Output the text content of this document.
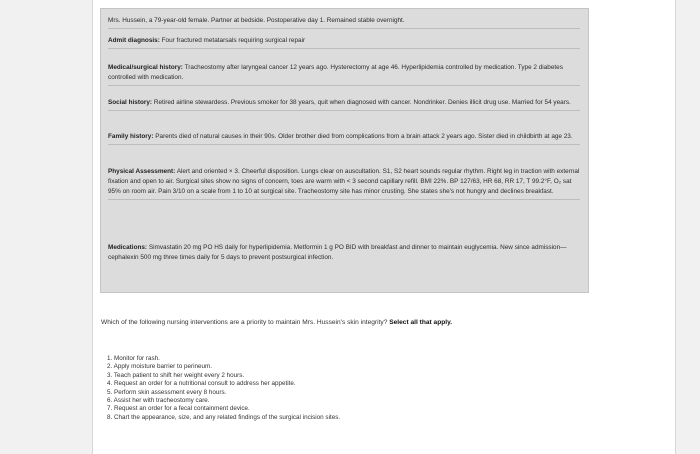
Mrs. Hussein, a 79-year-old female. Partner at bedside. Postoperative day 1. Remained stable overnight.
Admit diagnosis: Four fractured metatarsals requiring surgical repair
Medical/surgical history: Tracheostomy after laryngeal cancer 12 years ago. Hysterectomy at age 46. Hyperlipidemia controlled by medication. Type 2 diabetes controlled with medication.
Social history: Retired airline stewardess. Previous smoker for 38 years, quit when diagnosed with cancer. Nondrinker. Denies illicit drug use. Married for 54 years.
Family history: Parents died of natural causes in their 90s. Older brother died from complications from a brain attack 2 years ago. Sister died in childbirth at age 23.
Physical Assessment: Alert and oriented × 3. Cheerful disposition. Lungs clear on auscultation. S1, S2 heart sounds regular rhythm. Right leg in traction with external fixation and open to air. Surgical sites show no signs of concern, toes are warm with < 3 second capillary refill. BMI 22%. BP 127/63, HR 68, RR 17, T 99.2°F, O₂ sat 95% on room air. Pain 3/10 on a scale from 1 to 10 at surgical site. Tracheostomy site has minor crusting. She states she's not hungry and declines breakfast.
Medications: Simvastatin 20 mg PO HS daily for hyperlipidemia. Metformin 1 g PO BID with breakfast and dinner to maintain euglycemia. New since admission—cephalexin 500 mg three times daily for 5 days to prevent postsurgical infection.
Which of the following nursing interventions are a priority to maintain Mrs. Hussein's skin integrity? Select all that apply.
1. Monitor for rash.
2. Apply moisture barrier to perineum.
3. Teach patient to shift her weight every 2 hours.
4. Request an order for a nutritional consult to address her appetite.
5. Perform skin assessment every 8 hours.
6. Assist her with tracheostomy care.
7. Request an order for a fecal containment device.
8. Chart the appearance, size, and any related findings of the surgical incision sites.
